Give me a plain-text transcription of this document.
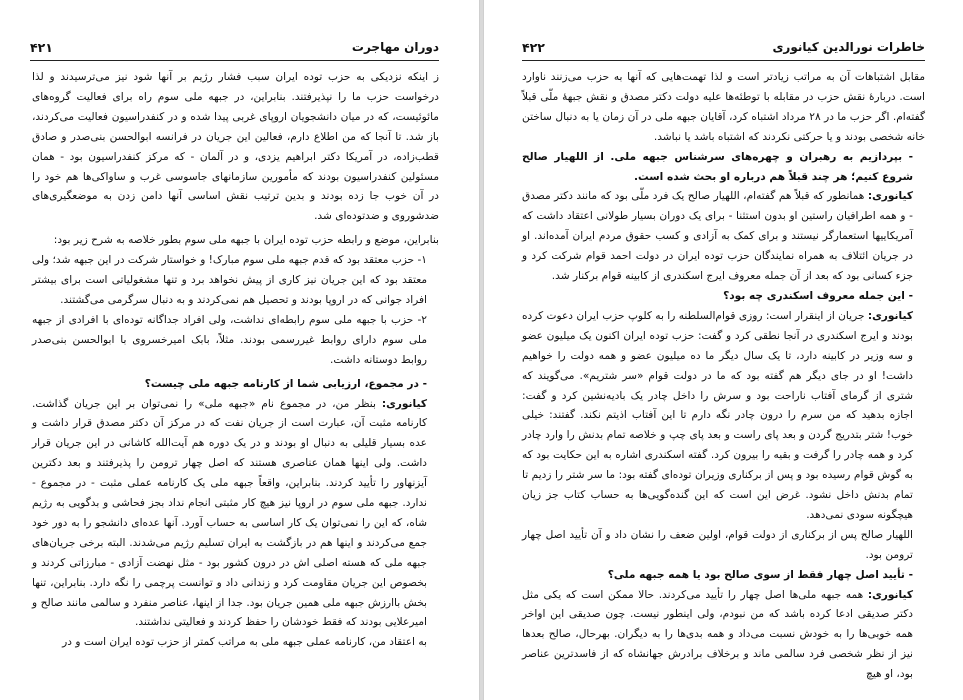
دوران مهاجرت
۴۲۱

ز اینکه نزدیکی به حزب توده ایران سبب فشار رژیم بر آنها شود نیز می‌ترسیدند و لذا درخواست حزب ما را نپذیرفتند. بنابراین، در جبهه ملی سوم راه برای فعالیت گروه‌های مائوئیست، که در میان دانشجویان اروپای غربی پیدا شده و در کنفدراسیون فعالیت می‌کردند، باز شد. تا آنجا که من اطلاع دارم، فعالین این جریان در فرانسه ابوالحسن بنی‌صدر و صادق قطب‌زاده، در آمریکا دکتر ابراهیم یزدی، و در آلمان - که مرکز کنفدراسیون بود - همان مسئولین کنفدراسیون بودند که مأمورین سازمانهای جاسوسی غرب و ساواکی‌ها هم خود را در آن خوب جا زده بودند و بدین ترتیب نقش اساسی آنها دامن زدن به موضعگیری‌های ضدشوروی و ضدتوده‌ای شد.

بنابراین، موضع و رابطه حزب توده ایران با جبهه ملی سوم بطور خلاصه به شرح زیر بود:

۱- حزب معتقد بود که قدم جبهه ملی سوم مبارک! و خواستار شرکت در این جبهه شد؛ ولی معتقد بود که این جریان نیز کاری از پیش نخواهد برد و تنها مشغولیاتی است برای بیشتر افراد جوانی که در اروپا بودند و تحصیل هم نمی‌کردند و به دنبال سرگرمی می‌گشتند.

۲- حزب با جبهه ملی سوم رابطه‌ای نداشت، ولی افراد جداگانه توده‌ای با افرادی از جبهه ملی سوم دارای روابط غیررسمی بودند. مثلاً، بابک امیرخسروی با ابوالحسن بنی‌صدر روابط دوستانه داشت.

- در مجموع، ارزیابی شما از کارنامه جبهه ملی چیست؟

کیانوری: بنظر من، در مجموع نام «جبهه ملی» را نمی‌توان بر این جریان گذاشت. کارنامه مثبت آن، عبارت است از جریان نفت که در مرکز آن دکتر مصدق قرار داشت و عده بسیار قلیلی به دنبال او بودند و در یک دوره هم آیت‌الله کاشانی در این جریان قرار داشت. ولی اینها همان عناصری هستند که اصل چهار ترومن را پذیرفتند و بعد دکترین آیزنهاور را تأیید کردند. بنابراین، واقعاً جبهه ملی یک کارنامه عملی مثبت - در مجموع - ندارد. جبهه ملی سوم در اروپا نیز هیچ کار مثبتی انجام نداد بجز فحاشی و بدگویی به رژیم شاه، که این را نمی‌توان یک کار اساسی به حساب آورد. آنها عده‌ای دانشجو را به دور خود جمع می‌کردند و اینها هم در بازگشت به ایران تسلیم رژیم می‌شدند. البته برخی جریان‌های جبهه ملی که هسته اصلی اش در درون کشور بود - مثل نهضت آزادی - مبارزاتی کردند و بخصوص این جریان مقاومت کرد و زندانی داد و توانست پرچمی را نگه دارد. بنابراین، تنها بخش باارزش جبهه ملی همین جریان بود. جدا از اینها، عناصر منفرد و سالمی مانند صالح و امیرعلایی بودند که فقط خودشان را حفظ کردند و فعالیتی نداشتند.

به اعتقاد من، کارنامه عملی جبهه ملی به مراتب کمتر از حزب توده ایران است و در

خاطرات نورالدین کیانوری
۴۲۲

مقابل اشتباهات آن به مراتب زیادتر است و لذا تهمت‌هایی که آنها به حزب می‌زنند ناوارد است. دربارهٔ نقش حزب در مقابله با توطئه‌ها علیه دولت دکتر مصدق و نقش جبههٔ ملّی قبلاً گفته‌ام. اگر حزب ما در ۲۸ مرداد اشتباه کرد، آقایان جبهه ملی در آن زمان یا به دنبال ساختن خانه شخصی بودند و یا حرکتی نکردند که اشتباه باشد یا نباشد.

- بپردازیم به رهبران و چهره‌های سرشناس جبهه ملی. از اللهیار صالح شروع کنیم؛ هر چند قبلاً هم درباره او بحث شده است.

کیانوری: همانطور که قبلاً هم گفته‌ام، اللهیار صالح یک فرد ملّی بود که مانند دکتر مصدق - و همه اطرافیان راستین او بدون استثنا - برای یک دوران بسیار طولانی اعتقاد داشت که آمریکاییها استعمارگر نیستند و برای کمک به آزادی و کسب حقوق مردم ایران آمده‌اند. او در جریان ائتلاف به همراه نمایندگان حزب توده ایران در دولت احمد قوام شرکت کرد و جزء کسانی بود که بعد از آن جمله معروف ایرج اسکندری از کابینه قوام برکنار شد.

- این جمله معروف اسکندری چه بود؟

کیانوری: جریان از اینقرار است: روزی قوام‌السلطنه را به کلوپ حزب ایران دعوت کرده بودند و ایرج اسکندری در آنجا نطقی کرد و گفت: حزب توده ایران اکنون یک میلیون عضو و سه وزیر در کابینه دارد، تا یک سال دیگر ما ده میلیون عضو و همه دولت را خواهیم داشت! او در جای دیگر هم گفته بود که ما در دولت قوام «سر شتریم». می‌گویند که شتری از گرمای آفتاب ناراحت بود و سرش را داخل چادر یک بادیه‌نشین کرد و گفت: اجازه بدهید که من سرم را درون چادر نگه دارم تا این آفتاب اذیتم نکند. گفتند: خیلی خوب! شتر بتدریج گردن و بعد پای راست و بعد پای چپ و خلاصه تمام بدنش را وارد چادر کرد و همه چادر را گرفت و بقیه را بیرون کرد. گفته اسکندری اشاره به این حکایت بود که به گوش قوام رسیده بود و پس از برکناری وزیران توده‌ای گفته بود: ما سر شتر را زدیم تا تمام بدنش داخل نشود. غرض این است که این گنده‌گویی‌ها به حساب کتاب جز زیان هیچگونه سودی نمی‌دهد.

اللهیار صالح پس از برکناری از دولت قوام، اولین ضعف را نشان داد و آن تأیید اصل چهار ترومن بود.

- تأیید اصل چهار فقط از سوی صالح بود یا همه جبهه ملی؟

کیانوری: همه جبهه ملی‌ها اصل چهار را تأیید می‌کردند. حالا ممکن است که یکی مثل دکتر صدیقی ادعا کرده باشد که من نبودم، ولی اینطور نیست. چون صدیقی این اواخر همه خوبی‌ها را به خودش نسبت می‌داد و همه بدی‌ها را به دیگران. بهرحال، صالح بعدها نیز از نظر شخصی فرد سالمی ماند و برخلاف برادرش جهانشاه که از فاسدترین عناصر بود، او هیچ
